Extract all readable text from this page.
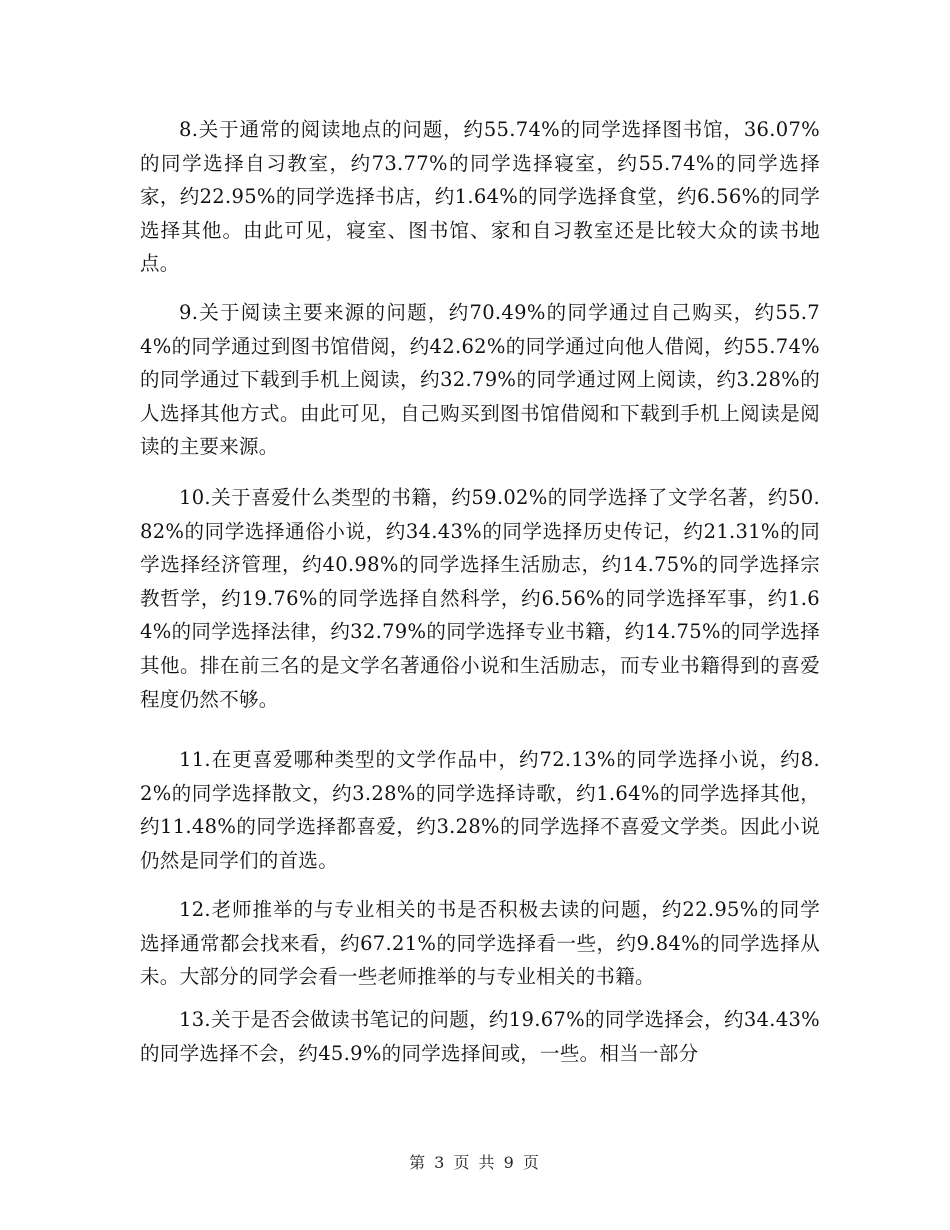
8.关于通常的阅读地点的问题，约55.74%的同学选择图书馆，36.07%的同学选择自习教室，约73.77%的同学选择寝室，约55.74%的同学选择家，约22.95%的同学选择书店，约1.64%的同学选择食堂，约6.56%的同学选择其他。由此可见，寝室、图书馆、家和自习教室还是比较大众的读书地点。

9.关于阅读主要来源的问题，约70.49%的同学通过自己购买，约55.74%的同学通过到图书馆借阅，约42.62%的同学通过向他人借阅，约55.74%的同学通过下载到手机上阅读，约32.79%的同学通过网上阅读，约3.28%的人选择其他方式。由此可见，自己购买到图书馆借阅和下载到手机上阅读是阅读的主要来源。

10.关于喜爱什么类型的书籍，约59.02%的同学选择了文学名著，约50.82%的同学选择通俗小说，约34.43%的同学选择历史传记，约21.31%的同学选择经济管理，约40.98%的同学选择生活励志，约14.75%的同学选择宗教哲学，约19.76%的同学选择自然科学，约6.56%的同学选择军事，约1.64%的同学选择法律，约32.79%的同学选择专业书籍，约14.75%的同学选择其他。排在前三名的是文学名著通俗小说和生活励志，而专业书籍得到的喜爱程度仍然不够。

11.在更喜爱哪种类型的文学作品中，约72.13%的同学选择小说，约8.2%的同学选择散文，约3.28%的同学选择诗歌，约1.64%的同学选择其他，约11.48%的同学选择都喜爱，约3.28%的同学选择不喜爱文学类。因此小说仍然是同学们的首选。

12.老师推举的与专业相关的书是否积极去读的问题，约22.95%的同学选择通常都会找来看，约67.21%的同学选择看一些，约9.84%的同学选择从未。大部分的同学会看一些老师推举的与专业相关的书籍。

13.关于是否会做读书笔记的问题，约19.67%的同学选择会，约34.43%的同学选择不会，约45.9%的同学选择间或，一些。相当一部分

第 3 页 共 9 页
